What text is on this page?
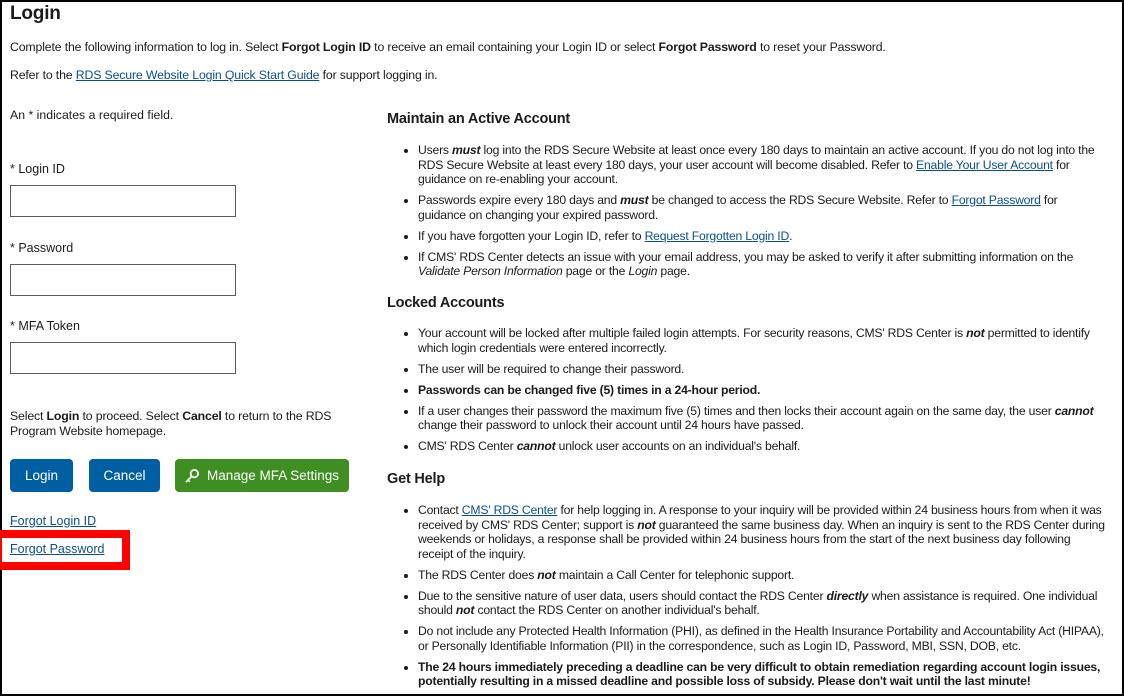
Login

Complete the following information to log in. Select Forgot Login ID to receive an email containing your Login ID or select Forgot Password to reset your Password.

Refer to the RDS Secure Website Login Quick Start Guide for support logging in.

An * indicates a required field.
* Login ID
* Password
* MFA Token

Select Login to proceed. Select Cancel to return to the RDS Program Website homepage.

Login	Cancel	Manage MFA Settings
Forgot Login ID
Forgot Password
Maintain an Active Account
• Users must log into the RDS Secure Website at least once every 180 days to maintain an active account. If you do not log into the RDS Secure Website at least every 180 days, your user account will become disabled. Refer to Enable Your User Account for guidance on re-enabling your account.
• Passwords expire every 180 days and must be changed to access the RDS Secure Website. Refer to Forgot Password for guidance on changing your expired password.
• If you have forgotten your Login ID, refer to Request Forgotten Login ID.
• If CMS' RDS Center detects an issue with your email address, you may be asked to verify it after submitting information on the Validate Person Information page or the Login page.
Locked Accounts
• Your account will be locked after multiple failed login attempts. For security reasons, CMS' RDS Center is not permitted to identify which login credentials were entered incorrectly.
• The user will be required to change their password.
• Passwords can be changed five (5) times in a 24-hour period.
• If a user changes their password the maximum five (5) times and then locks their account again on the same day, the user cannot change their password to unlock their account until 24 hours have passed.
• CMS' RDS Center cannot unlock user accounts on an individual's behalf.
Get Help
• Contact CMS' RDS Center for help logging in. A response to your inquiry will be provided within 24 business hours from when it was received by CMS' RDS Center; support is not guaranteed the same business day. When an inquiry is sent to the RDS Center during weekends or holidays, a response shall be provided within 24 business hours from the start of the next business day following receipt of the inquiry.
• The RDS Center does not maintain a Call Center for telephonic support.
• Due to the sensitive nature of user data, users should contact the RDS Center directly when assistance is required. One individual should not contact the RDS Center on another individual's behalf.
• Do not include any Protected Health Information (PHI), as defined in the Health Insurance Portability and Accountability Act (HIPAA), or Personally Identifiable Information (PII) in the correspondence, such as Login ID, Password, MBI, SSN, DOB, etc.
• The 24 hours immediately preceding a deadline can be very difficult to obtain remediation regarding account login issues, potentially resulting in a missed deadline and possible loss of subsidy. Please don't wait until the last minute!
